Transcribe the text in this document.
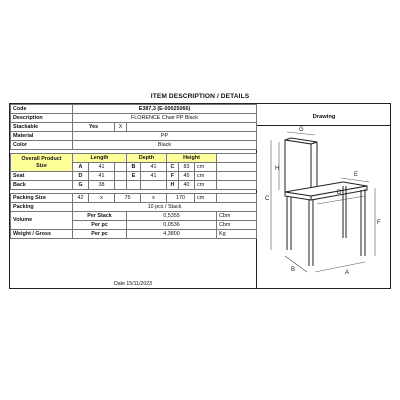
ITEM DESCRIPTION / DETAILS
Code	E387,3 (E-00025066)								
Description	FLORENCE Chair PP Black								
Stackable	Yes		X						
Material	PP								
Color	Black								

Overall Product
Size	Length			Depth		Height			
	A	41		B	41	C	83	cm	
Seat	D	41		E	41	F	45	cm	
Back	G	38				H	40	cm	

Packing Size	42	x	75		x	170		cm	
Packing	10 pcs / Stack								
Volume	Per Stack			0,5355					Cbm
	Per pc			0,0536					Cbm
Weight / Gross	Per pc			4,3800					Kg
Date 15/11/2023
Drawing
G
H
C
E
D
F
B	A
